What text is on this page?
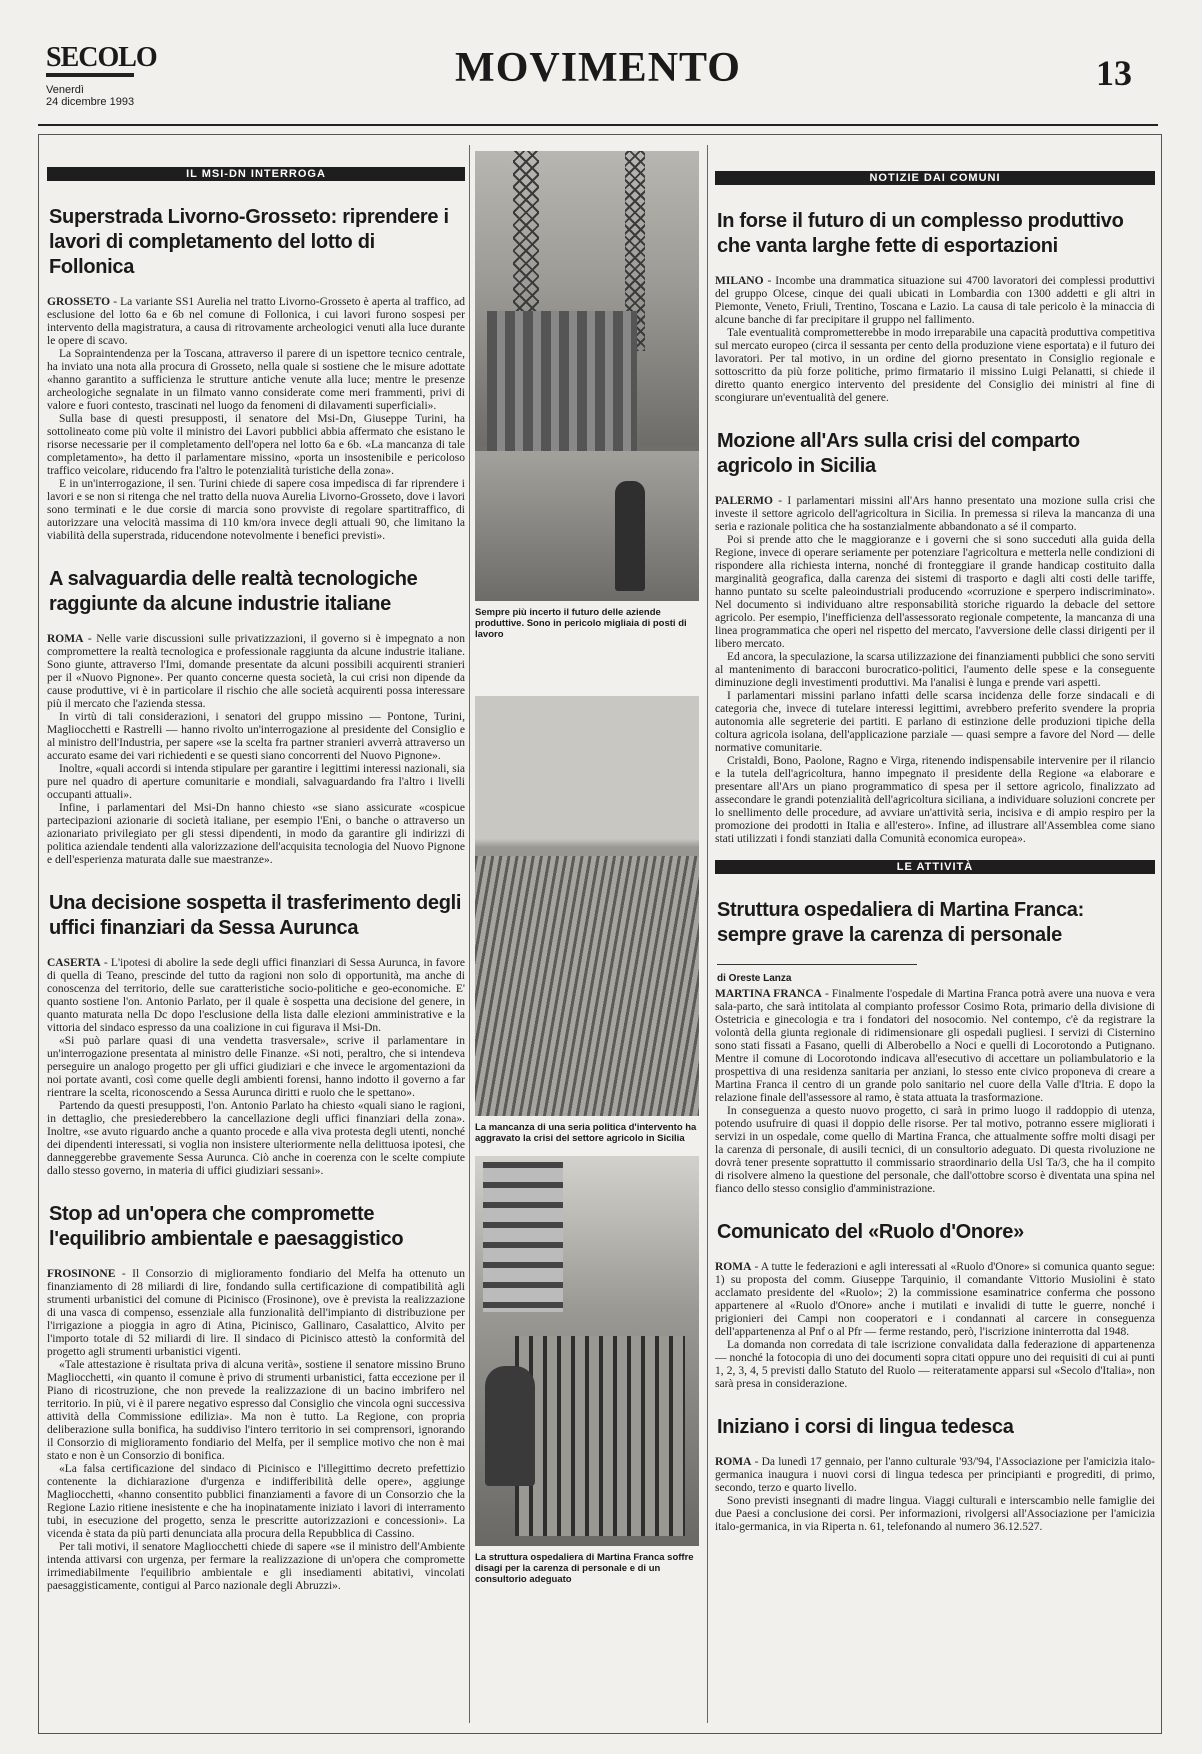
SECOLO
Venerdì
24 dicembre 1993
MOVIMENTO	13
IL MSI-DN INTERROGA
Superstrada Livorno-Grosseto: riprendere i lavori di completamento del lotto di Follonica

GROSSETO - La variante SS1 Aurelia nel tratto Livorno-Grosseto è aperta al traffico, ad esclusione del lotto 6a e 6b nel comune di Follonica, i cui lavori furono sospesi per intervento della magistratura, a causa di ritrovamente archeologici venuti alla luce durante le opere di scavo.

La Sopraintendenza per la Toscana, attraverso il parere di un ispettore tecnico centrale, ha inviato una nota alla procura di Grosseto, nella quale si sostiene che le misure adottate «hanno garantito a sufficienza le strutture antiche venute alla luce; mentre le presenze archeologiche segnalate in un filmato vanno considerate come meri frammenti, privi di valore e fuori contesto, trascinati nel luogo da fenomeni di dilavamenti superficiali».

Sulla base di questi presupposti, il senatore del Msi-Dn, Giuseppe Turini, ha sottolineato come più volte il ministro dei Lavori pubblici abbia affermato che esistano le risorse necessarie per il completamento dell'opera nel lotto 6a e 6b. «La mancanza di tale completamento», ha detto il parlamentare missino, «porta un insostenibile e pericoloso traffico veicolare, riducendo fra l'altro le potenzialità turistiche della zona».

E in un'interrogazione, il sen. Turini chiede di sapere cosa impedisca di far riprendere i lavori e se non si ritenga che nel tratto della nuova Aurelia Livorno-Grosseto, dove i lavori sono terminati e le due corsie di marcia sono provviste di regolare spartitraffico, di autorizzare una velocità massima di 110 km/ora invece degli attuali 90, che limitano la viabilità della superstrada, riducendone notevolmente i benefici previsti».

A salvaguardia delle realtà tecnologiche raggiunte da alcune industrie italiane

ROMA - Nelle varie discussioni sulle privatizzazioni, il governo si è impegnato a non compromettere la realtà tecnologica e professionale raggiunta da alcune industrie italiane. Sono giunte, attraverso l'Imi, domande presentate da alcuni possibili acquirenti stranieri per il «Nuovo Pignone». Per quanto concerne questa società, la cui crisi non dipende da cause produttive, vi è in particolare il rischio che alle società acquirenti possa interessare più il mercato che l'azienda stessa.

In virtù di tali considerazioni, i senatori del gruppo missino — Pontone, Turini, Magliocchetti e Rastrelli — hanno rivolto un'interrogazione al presidente del Consiglio e al ministro dell'Industria, per sapere «se la scelta fra partner stranieri avverrà attraverso un accurato esame dei vari richiedenti e se questi siano concorrenti del Nuovo Pignone».

Inoltre, «quali accordi si intenda stipulare per garantire i legittimi interessi nazionali, sia pure nel quadro di aperture comunitarie e mondiali, salvaguardando fra l'altro i livelli occupanti attuali».

Infine, i parlamentari del Msi-Dn hanno chiesto «se siano assicurate «cospicue partecipazioni azionarie di società italiane, per esempio l'Eni, o banche o attraverso un azionariato privilegiato per gli stessi dipendenti, in modo da garantire gli indirizzi di politica aziendale tendenti alla valorizzazione dell'acquisita tecnologia del Nuovo Pignone e dell'esperienza maturata dalle sue maestranze».

Una decisione sospetta il trasferimento degli uffici finanziari da Sessa Aurunca

CASERTA - L'ipotesi di abolire la sede degli uffici finanziari di Sessa Aurunca, in favore di quella di Teano, prescinde del tutto da ragioni non solo di opportunità, ma anche di conoscenza del territorio, delle sue caratteristiche socio-politiche e geo-economiche. E' quanto sostiene l'on. Antonio Parlato, per il quale è sospetta una decisione del genere, in quanto maturata nella Dc dopo l'esclusione della lista dalle elezioni amministrative e la vittoria del sindaco espresso da una coalizione in cui figurava il Msi-Dn.

«Si può parlare quasi di una vendetta trasversale», scrive il parlamentare in un'interrogazione presentata al ministro delle Finanze. «Si noti, peraltro, che si intendeva perseguire un analogo progetto per gli uffici giudiziari e che invece le argomentazioni da noi portate avanti, così come quelle degli ambienti forensi, hanno indotto il governo a far rientrare la scelta, riconoscendo a Sessa Aurunca diritti e ruolo che le spettano».

Partendo da questi presupposti, l'on. Antonio Parlato ha chiesto «quali siano le ragioni, in dettaglio, che presiederebbero la cancellazione degli uffici finanziari della zona». Inoltre, «se avuto riguardo anche a quanto procede e alla viva protesta degli utenti, nonché dei dipendenti interessati, si voglia non insistere ulteriormente nella delittuosa ipotesi, che danneggerebbe gravemente Sessa Aurunca. Ciò anche in coerenza con le scelte compiute dallo stesso governo, in materia di uffici giudiziari sessani».

Stop ad un'opera che compromette l'equilibrio ambientale e paesaggistico

FROSINONE - Il Consorzio di miglioramento fondiario del Melfa ha ottenuto un finanziamento di 28 miliardi di lire, fondando sulla certificazione di compatibilità agli strumenti urbanistici del comune di Picinisco (Frosinone), ove è prevista la realizzazione di una vasca di compenso, essenziale alla funzionalità dell'impianto di distribuzione per l'irrigazione a pioggia in agro di Atina, Picinisco, Gallinaro, Casalattico, Alvito per l'importo totale di 52 miliardi di lire. Il sindaco di Picinisco attestò la conformità del progetto agli strumenti urbanistici vigenti.

«Tale attestazione è risultata priva di alcuna verità», sostiene il senatore missino Bruno Magliocchetti, «in quanto il comune è privo di strumenti urbanistici, fatta eccezione per il Piano di ricostruzione, che non prevede la realizzazione di un bacino imbrifero nel territorio. In più, vi è il parere negativo espresso dal Consiglio che vincola ogni successiva attività della Commissione edilizia». Ma non è tutto. La Regione, con propria deliberazione sulla bonifica, ha suddiviso l'intero territorio in sei comprensori, ignorando il Consorzio di miglioramento fondiario del Melfa, per il semplice motivo che non è mai stato e non è un Consorzio di bonifica.

«La falsa certificazione del sindaco di Picinisco e l'illegittimo decreto prefettizio contenente la dichiarazione d'urgenza e indifferibilità delle opere», aggiunge Magliocchetti, «hanno consentito pubblici finanziamenti a favore di un Consorzio che la Regione Lazio ritiene inesistente e che ha inopinatamente iniziato i lavori di interramento tubi, in esecuzione del progetto, senza le prescritte autorizzazioni e concessioni». La vicenda è stata da più parti denunciata alla procura della Repubblica di Cassino.

Per tali motivi, il senatore Magliocchetti chiede di sapere «se il ministro dell'Ambiente intenda attivarsi con urgenza, per fermare la realizzazione di un'opera che compromette irrimediabilmente l'equilibrio ambientale e gli insediamenti abitativi, vincolati paesaggisticamente, contigui al Parco nazionale degli Abruzzi».

Sempre più incerto il futuro delle aziende produttive. Sono in pericolo migliaia di posti di lavoro
La mancanza di una seria politica d'intervento ha aggravato la crisi del settore agricolo in Sicilia
La struttura ospedaliera di Martina Franca soffre disagi per la carenza di personale e di un consultorio adeguato
NOTIZIE DAI COMUNI
In forse il futuro di un complesso produttivo che vanta larghe fette di esportazioni

MILANO - Incombe una drammatica situazione sui 4700 lavoratori dei complessi produttivi del gruppo Olcese, cinque dei quali ubicati in Lombardia con 1300 addetti e gli altri in Piemonte, Veneto, Friuli, Trentino, Toscana e Lazio. La causa di tale pericolo è la minaccia di alcune banche di far precipitare il gruppo nel fallimento.

Tale eventualità comprometterebbe in modo irreparabile una capacità produttiva competitiva sul mercato europeo (circa il sessanta per cento della produzione viene esportata) e il futuro dei lavoratori. Per tal motivo, in un ordine del giorno presentato in Consiglio regionale e sottoscritto da più forze politiche, primo firmatario il missino Luigi Pelanatti, si chiede il diretto quanto energico intervento del presidente del Consiglio dei ministri al fine di scongiurare un'eventualità del genere.

Mozione all'Ars sulla crisi del comparto agricolo in Sicilia

PALERMO - I parlamentari missini all'Ars hanno presentato una mozione sulla crisi che investe il settore agricolo dell'agricoltura in Sicilia. In premessa si rileva la mancanza di una seria e razionale politica che ha sostanzialmente abbandonato a sé il comparto.

Poi si prende atto che le maggioranze e i governi che si sono succeduti alla guida della Regione, invece di operare seriamente per potenziare l'agricoltura e metterla nelle condizioni di rispondere alla richiesta interna, nonché di fronteggiare il grande handicap costituito dalla marginalità geografica, dalla carenza dei sistemi di trasporto e dagli alti costi delle tariffe, hanno puntato su scelte paleoindustriali producendo «corruzione e sperpero indiscriminato». Nel documento si individuano altre responsabilità storiche riguardo la debacle del settore agricolo. Per esempio, l'inefficienza dell'assessorato regionale competente, la mancanza di una linea programmatica che operi nel rispetto del mercato, l'avversione delle classi dirigenti per il libero mercato.

Ed ancora, la speculazione, la scarsa utilizzazione dei finanziamenti pubblici che sono serviti al mantenimento di baracconi burocratico-politici, l'aumento delle spese e la conseguente diminuzione degli investimenti produttivi. Ma l'analisi è lunga e prende vari aspetti.

I parlamentari missini parlano infatti delle scarsa incidenza delle forze sindacali e di categoria che, invece di tutelare interessi legittimi, avrebbero preferito svendere la propria autonomia alle segreterie dei partiti. E parlano di estinzione delle produzioni tipiche della coltura agricola isolana, dell'applicazione parziale — quasi sempre a favore del Nord — delle normative comunitarie.

Cristaldi, Bono, Paolone, Ragno e Virga, ritenendo indispensabile intervenire per il rilancio e la tutela dell'agricoltura, hanno impegnato il presidente della Regione «a elaborare e presentare all'Ars un piano programmatico di spesa per il settore agricolo, finalizzato ad assecondare le grandi potenzialità dell'agricoltura siciliana, a individuare soluzioni concrete per lo snellimento delle procedure, ad avviare un'attività seria, incisiva e di ampio respiro per la promozione dei prodotti in Italia e all'estero». Infine, ad illustrare all'Assemblea come siano stati utilizzati i fondi stanziati dalla Comunità economica europea».

LE ATTIVITÀ
Struttura ospedaliera di Martina Franca: sempre grave la carenza di personale
di Oreste Lanza

MARTINA FRANCA - Finalmente l'ospedale di Martina Franca potrà avere una nuova e vera sala-parto, che sarà intitolata al compianto professor Cosimo Rota, primario della divisione di Ostetricia e ginecologia e tra i fondatori del nosocomio. Nel contempo, c'è da registrare la volontà della giunta regionale di ridimensionare gli ospedali pugliesi. I servizi di Cisternino sono stati fissati a Fasano, quelli di Alberobello a Noci e quelli di Locorotondo a Putignano. Mentre il comune di Locorotondo indicava all'esecutivo di accettare un poliambulatorio e la prospettiva di una residenza sanitaria per anziani, lo stesso ente civico proponeva di creare a Martina Franca il centro di un grande polo sanitario nel cuore della Valle d'Itria. E dopo la relazione finale dell'assessore al ramo, è stata attuata la trasformazione.

In conseguenza a questo nuovo progetto, ci sarà in primo luogo il raddoppio di utenza, potendo usufruire di quasi il doppio delle risorse. Per tal motivo, potranno essere migliorati i servizi in un ospedale, come quello di Martina Franca, che attualmente soffre molti disagi per la carenza di personale, di ausili tecnici, di un consultorio adeguato. Di questa rivoluzione ne dovrà tener presente soprattutto il commissario straordinario della Usl Ta/3, che ha il compito di risolvere almeno la questione del personale, che dall'ottobre scorso è diventata una spina nel fianco dello stesso consiglio d'amministrazione.

Comunicato del «Ruolo d'Onore»

ROMA - A tutte le federazioni e agli interessati al «Ruolo d'Onore» si comunica quanto segue: 1) su proposta del comm. Giuseppe Tarquinio, il comandante Vittorio Musiolini è stato acclamato presidente del «Ruolo»; 2) la commissione esaminatrice conferma che possono appartenere al «Ruolo d'Onore» anche i mutilati e invalidi di tutte le guerre, nonché i prigionieri dei Campi non cooperatori e i condannati al carcere in conseguenza dell'appartenenza al Pnf o al Pfr — ferme restando, però, l'iscrizione ininterrotta dal 1948.

La domanda non corredata di tale iscrizione convalidata dalla federazione di appartenenza — nonché la fotocopia di uno dei documenti sopra citati oppure uno dei requisiti di cui ai punti 1, 2, 3, 4, 5 previsti dallo Statuto del Ruolo — reiteratamente apparsi sul «Secolo d'Italia», non sarà presa in considerazione.

Iniziano i corsi di lingua tedesca

ROMA - Da lunedì 17 gennaio, per l'anno culturale '93/'94, l'Associazione per l'amicizia italo-germanica inaugura i nuovi corsi di lingua tedesca per principianti e progrediti, di primo, secondo, terzo e quarto livello.

Sono previsti insegnanti di madre lingua. Viaggi culturali e interscambio nelle famiglie dei due Paesi a conclusione dei corsi. Per informazioni, rivolgersi all'Associazione per l'amicizia italo-germanica, in via Riperta n. 61, telefonando al numero 36.12.527.
